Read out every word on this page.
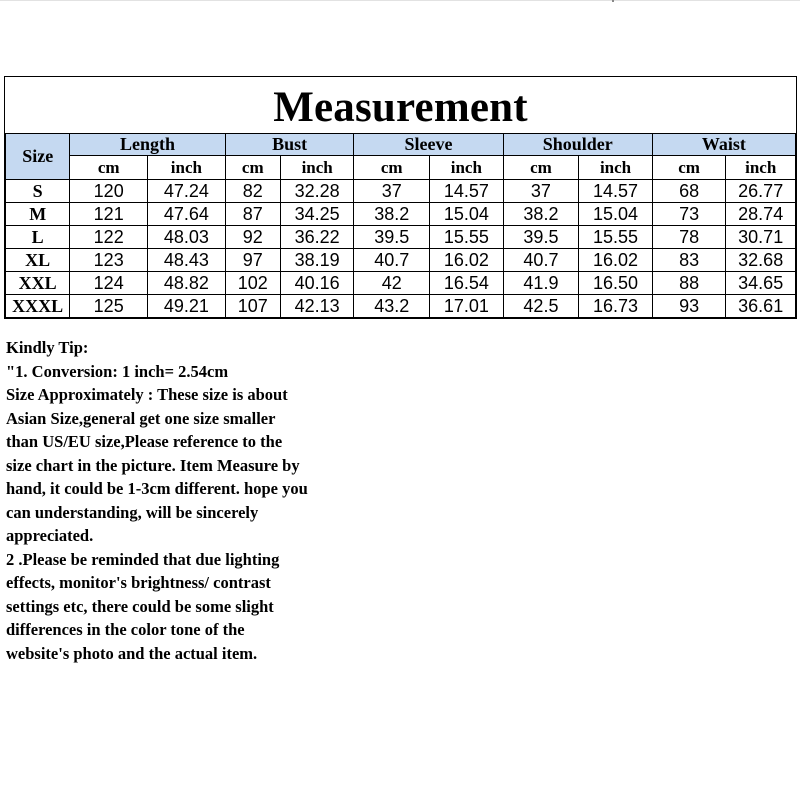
Measurement
Size	Length		Bust		Sleeve		Shoulder		Waist	
	cm	inch	cm	inch	cm	inch	cm	inch	cm	inch
S	120	47.24	82	32.28	37	14.57	37	14.57	68	26.77
M	121	47.64	87	34.25	38.2	15.04	38.2	15.04	73	28.74
L	122	48.03	92	36.22	39.5	15.55	39.5	15.55	78	30.71
XL	123	48.43	97	38.19	40.7	16.02	40.7	16.02	83	32.68
XXL	124	48.82	102	40.16	42	16.54	41.9	16.50	88	34.65
XXXL	125	49.21	107	42.13	43.2	17.01	42.5	16.73	93	36.61

Kindly Tip:

"1. Conversion: 1 inch= 2.54cm

Size Approximately : These size is about

Asian Size,general get one size smaller

than US/EU size,Please reference to the

size chart in the picture. Item Measure by

hand, it could be 1-3cm different. hope you

can understanding, will be sincerely

appreciated.

2 .Please be reminded that due lighting

effects, monitor's brightness/ contrast

settings etc, there could be some slight

differences in the color tone of the

website's photo and the actual item.
